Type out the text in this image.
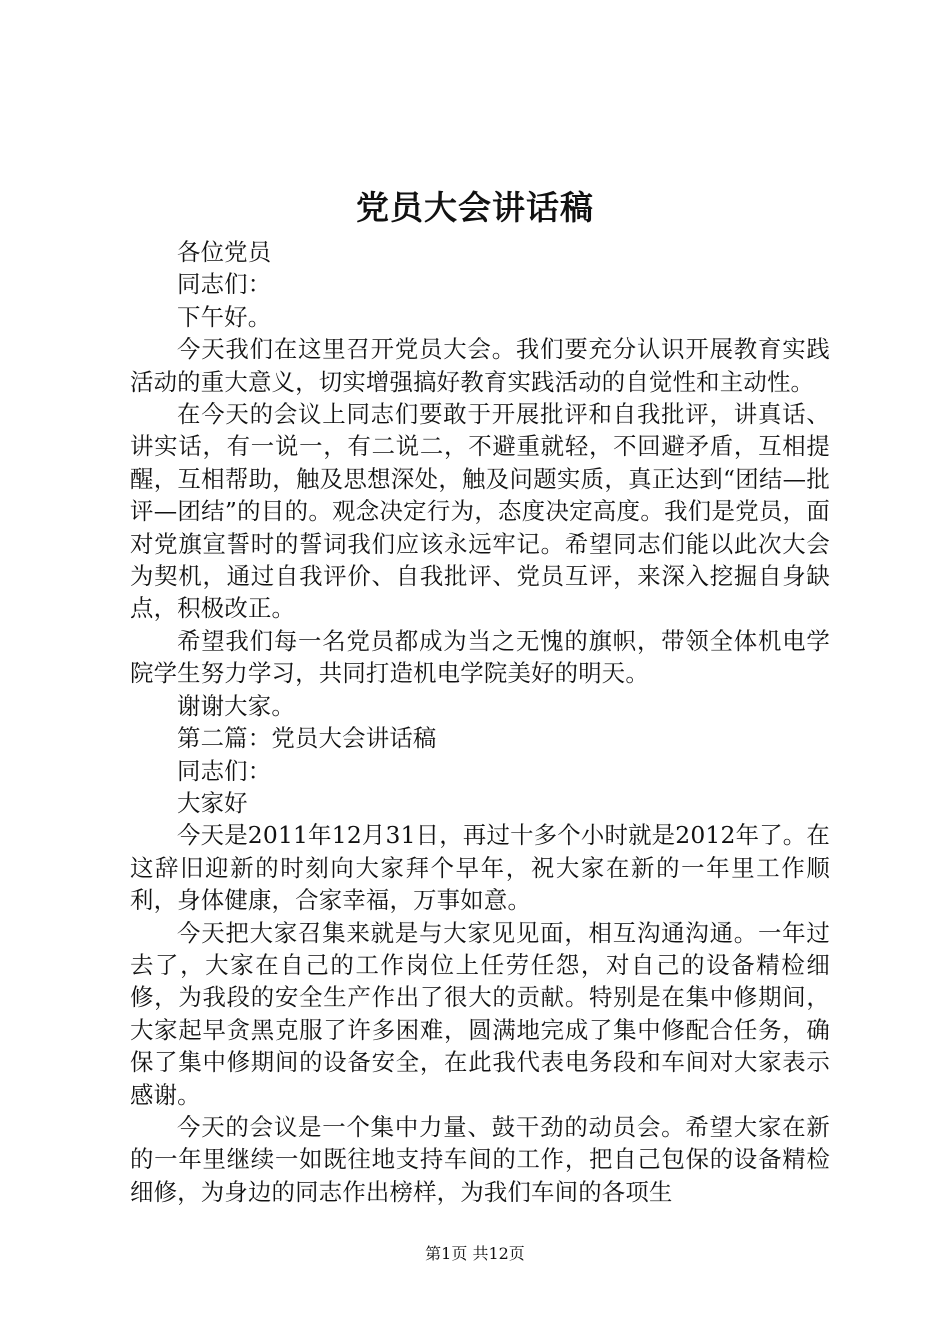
党员大会讲话稿

各位党员

同志们：

下午好。

今天我们在这里召开党员大会。我们要充分认识开展教育实践活动的重大意义，切实增强搞好教育实践活动的自觉性和主动性。

在今天的会议上同志们要敢于开展批评和自我批评，讲真话、讲实话，有一说一，有二说二，不避重就轻，不回避矛盾，互相提醒，互相帮助，触及思想深处，触及问题实质，真正达到“团结—批评—团结”的目的。观念决定行为，态度决定高度。我们是党员，面对党旗宣誓时的誓词我们应该永远牢记。希望同志们能以此次大会为契机，通过自我评价、自我批评、党员互评，来深入挖掘自身缺点，积极改正。

希望我们每一名党员都成为当之无愧的旗帜，带领全体机电学院学生努力学习，共同打造机电学院美好的明天。

谢谢大家。

第二篇：党员大会讲话稿

同志们：

大家好

今天是2011年12月31日，再过十多个小时就是2012年了。在这辞旧迎新的时刻向大家拜个早年，祝大家在新的一年里工作顺利，身体健康，合家幸福，万事如意。

今天把大家召集来就是与大家见见面，相互沟通沟通。一年过去了，大家在自己的工作岗位上任劳任怨，对自己的设备精检细修，为我段的安全生产作出了很大的贡献。特别是在集中修期间，大家起早贪黑克服了许多困难，圆满地完成了集中修配合任务，确保了集中修期间的设备安全，在此我代表电务段和车间对大家表示感谢。

今天的会议是一个集中力量、鼓干劲的动员会。希望大家在新的一年里继续一如既往地支持车间的工作，把自己包保的设备精检细修，为身边的同志作出榜样，为我们车间的各项生

第1页 共12页
